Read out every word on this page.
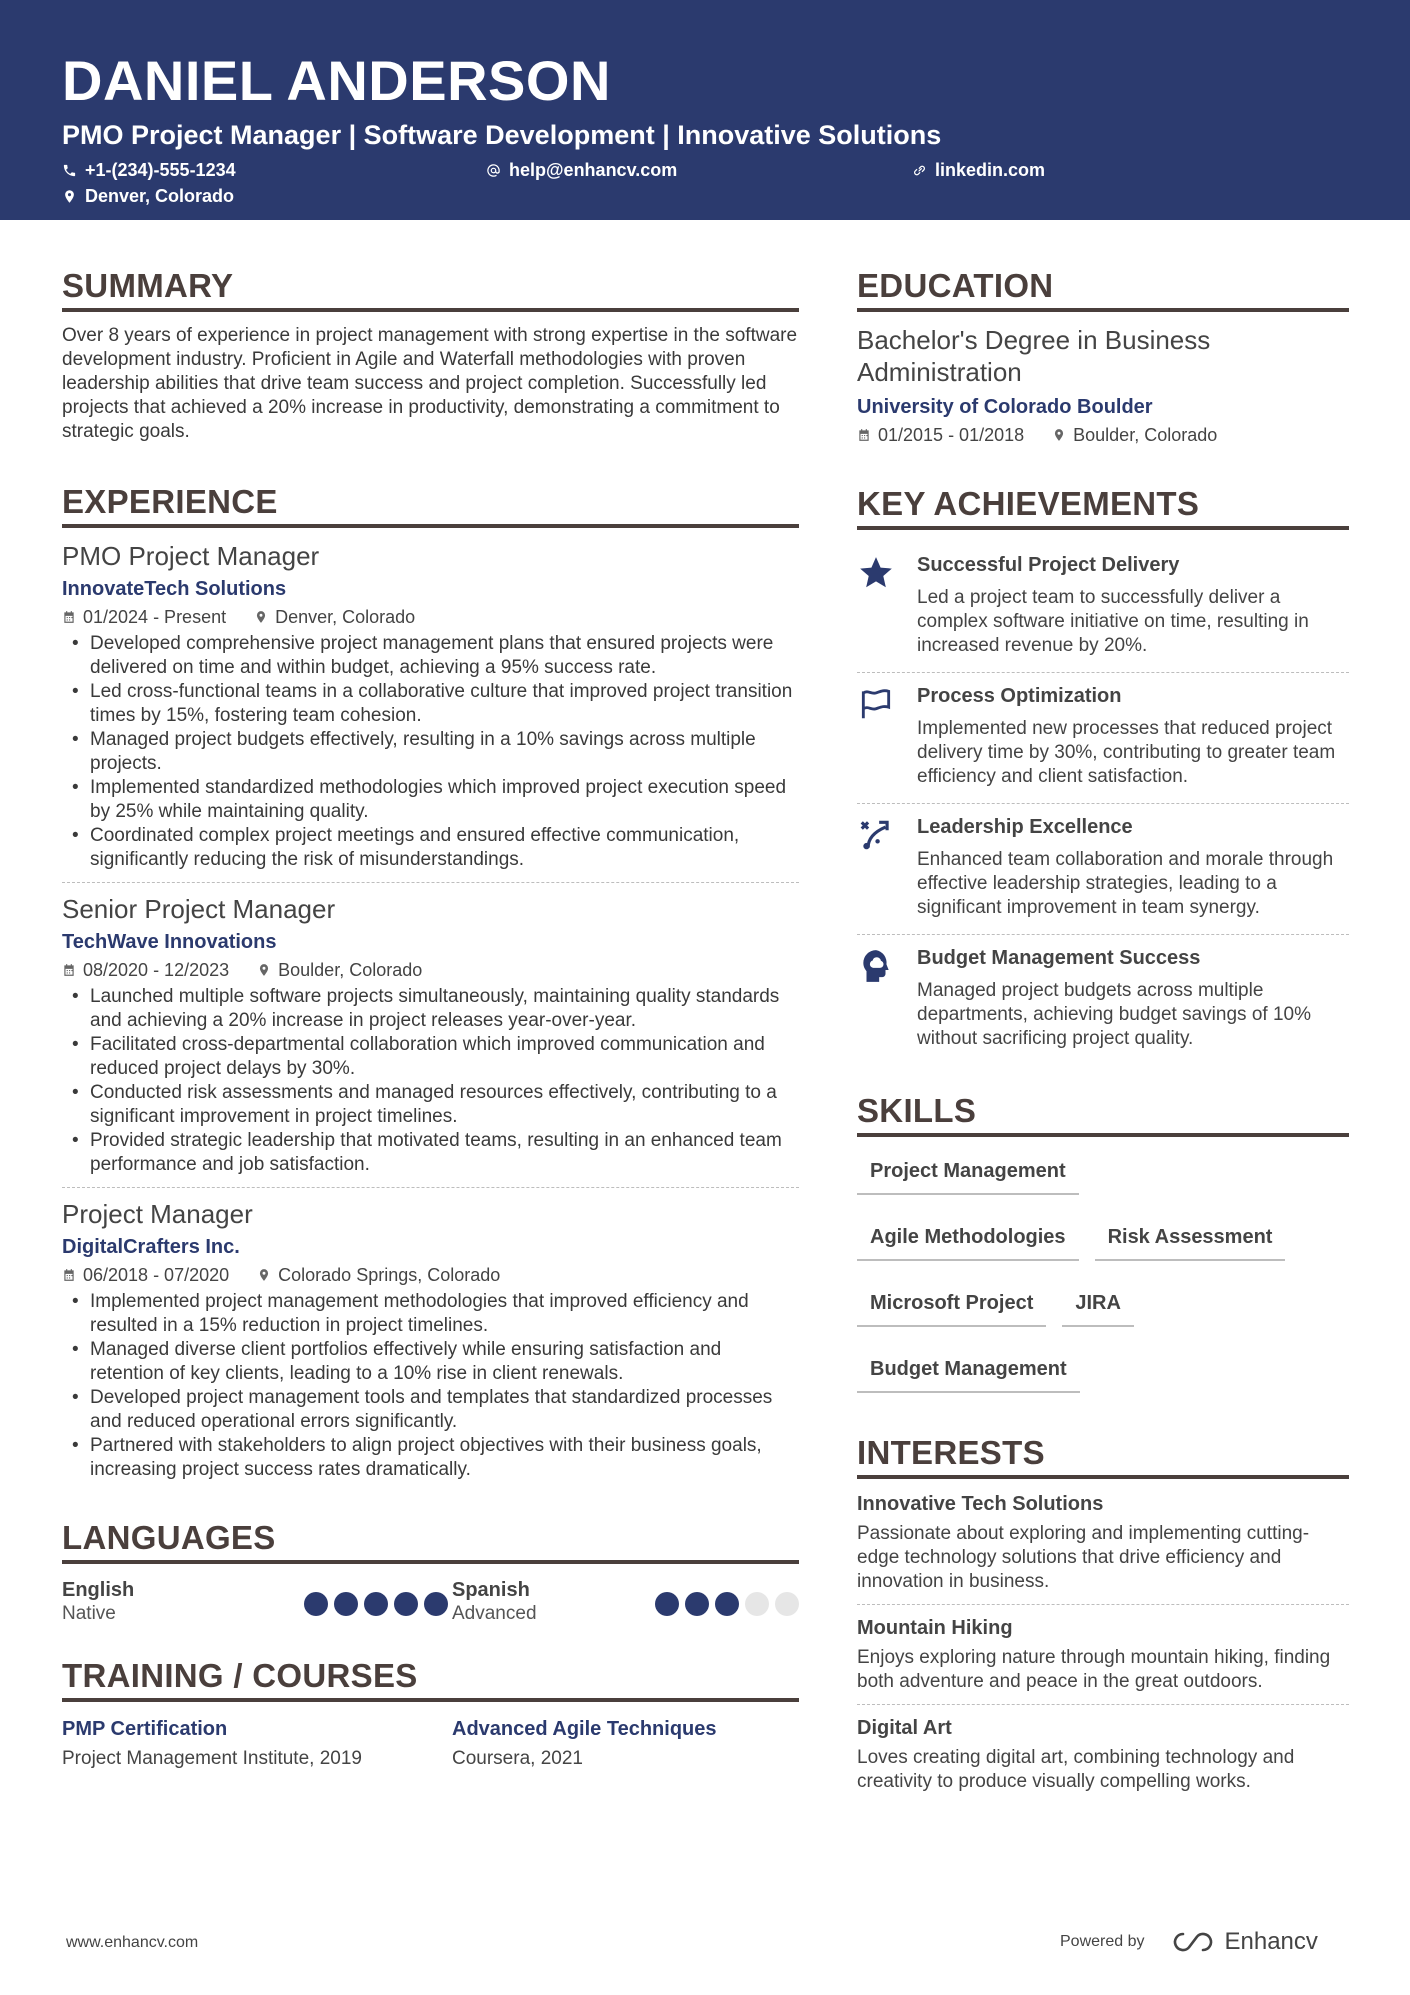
DANIEL ANDERSON
PMO Project Manager | Software Development | Innovative Solutions
+1-(234)-555-1234	help@enhancv.com	linkedin.com
Denver, Colorado
SUMMARY
Over 8 years of experience in project management with strong expertise in the software development industry. Proficient in Agile and Waterfall methodologies with proven leadership abilities that drive team success and project completion. Successfully led projects that achieved a 20% increase in productivity, demonstrating a commitment to strategic goals.
EXPERIENCE
PMO Project Manager
InnovateTech Solutions
01/2024 - Present	Denver, Colorado
• Developed comprehensive project management plans that ensured projects were delivered on time and within budget, achieving a 95% success rate.
• Led cross-functional teams in a collaborative culture that improved project transition times by 15%, fostering team cohesion.
• Managed project budgets effectively, resulting in a 10% savings across multiple projects.
• Implemented standardized methodologies which improved project execution speed by 25% while maintaining quality.
• Coordinated complex project meetings and ensured effective communication, significantly reducing the risk of misunderstandings.
Senior Project Manager
TechWave Innovations
08/2020 - 12/2023	Boulder, Colorado
• Launched multiple software projects simultaneously, maintaining quality standards and achieving a 20% increase in project releases year-over-year.
• Facilitated cross-departmental collaboration which improved communication and reduced project delays by 30%.
• Conducted risk assessments and managed resources effectively, contributing to a significant improvement in project timelines.
• Provided strategic leadership that motivated teams, resulting in an enhanced team performance and job satisfaction.
Project Manager
DigitalCrafters Inc.
06/2018 - 07/2020	Colorado Springs, Colorado
• Implemented project management methodologies that improved efficiency and resulted in a 15% reduction in project timelines.
• Managed diverse client portfolios effectively while ensuring satisfaction and retention of key clients, leading to a 10% rise in client renewals.
• Developed project management tools and templates that standardized processes and reduced operational errors significantly.
• Partnered with stakeholders to align project objectives with their business goals, increasing project success rates dramatically.
LANGUAGES
English
Native
Spanish
Advanced
TRAINING / COURSES
PMP Certification
Project Management Institute, 2019
Advanced Agile Techniques
Coursera, 2021
EDUCATION
Bachelor's Degree in Business Administration
University of Colorado Boulder
01/2015 - 01/2018	Boulder, Colorado
KEY ACHIEVEMENTS
Successful Project Delivery
Led a project team to successfully deliver a complex software initiative on time, resulting in increased revenue by 20%.
Process Optimization
Implemented new processes that reduced project delivery time by 30%, contributing to greater team efficiency and client satisfaction.
Leadership Excellence
Enhanced team collaboration and morale through effective leadership strategies, leading to a significant improvement in team synergy.
Budget Management Success
Managed project budgets across multiple departments, achieving budget savings of 10% without sacrificing project quality.
SKILLS
Project Management
Agile Methodologies	Risk Assessment
Microsoft Project	JIRA
Budget Management
INTERESTS
Innovative Tech Solutions
Passionate about exploring and implementing cutting-edge technology solutions that drive efficiency and innovation in business.
Mountain Hiking
Enjoys exploring nature through mountain hiking, finding both adventure and peace in the great outdoors.
Digital Art
Loves creating digital art, combining technology and creativity to produce visually compelling works.
www.enhancv.com	Powered by	Enhancv
